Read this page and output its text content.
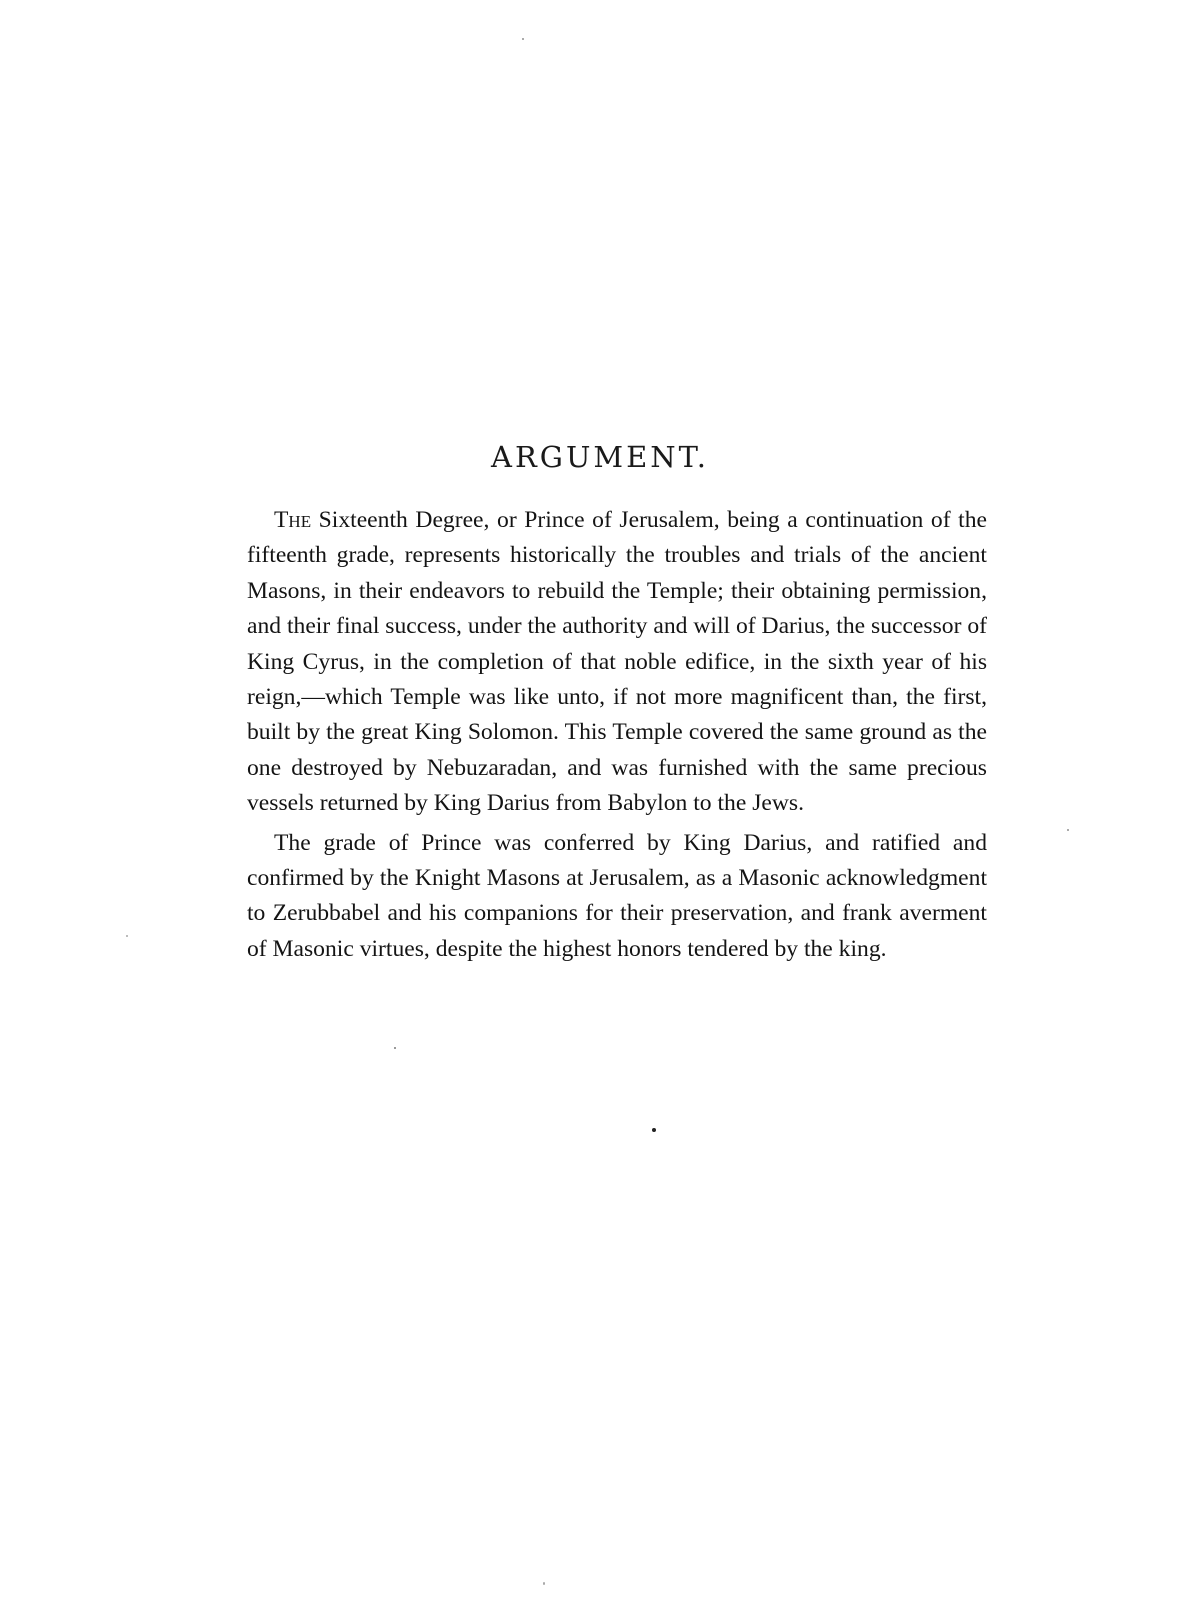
ARGUMENT.

The Sixteenth Degree, or Prince of Jerusalem, being a continuation of the fifteenth grade, represents historically the troubles and trials of the ancient Masons, in their endeavors to rebuild the Temple; their obtaining permission, and their final success, under the authority and will of Darius, the successor of King Cyrus, in the completion of that noble edifice, in the sixth year of his reign,—which Temple was like unto, if not more magnificent than, the first, built by the great King Solomon. This Temple covered the same ground as the one destroyed by Nebuzaradan, and was furnished with the same precious vessels returned by King Darius from Babylon to the Jews.

The grade of Prince was conferred by King Darius, and ratified and confirmed by the Knight Masons at Jerusalem, as a Masonic acknowledgment to Zerubbabel and his companions for their preservation, and frank averment of Masonic virtues, despite the highest honors tendered by the king.
